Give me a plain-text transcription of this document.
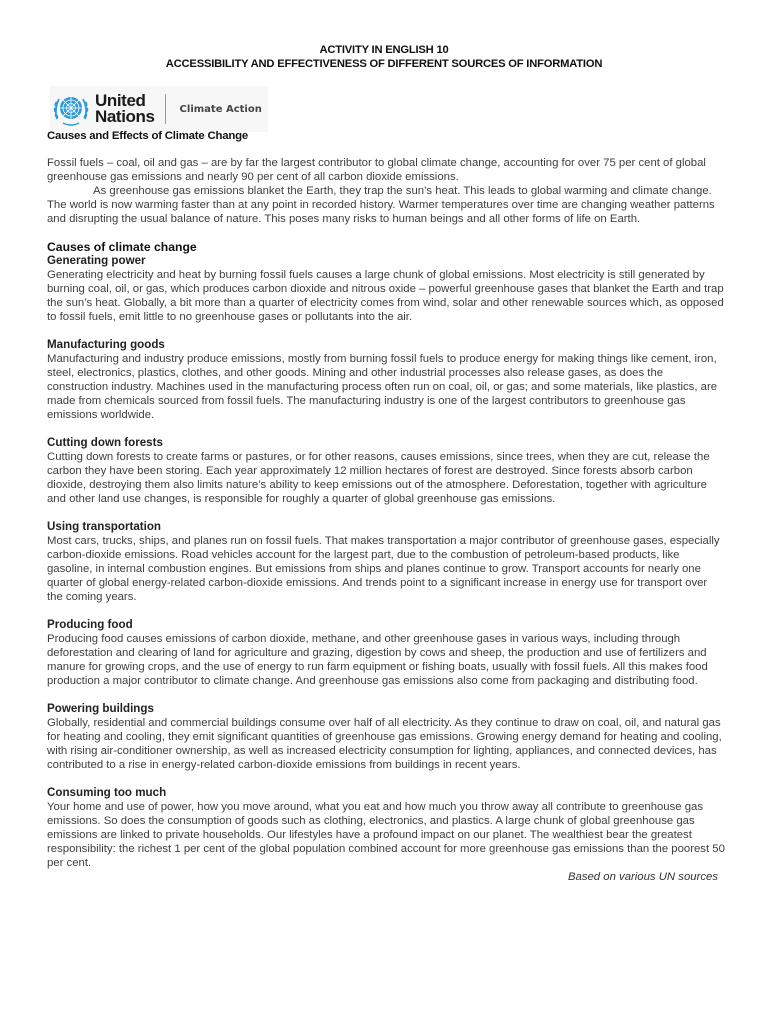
ACTIVITY IN ENGLISH 10
ACCESSIBILITY AND EFFECTIVENESS OF DIFFERENT SOURCES OF INFORMATION
United
Nations	Climate Action
Causes and Effects of Climate Change

Fossil fuels – coal, oil and gas – are by far the largest contributor to global climate change, accounting for over 75 per cent of global greenhouse gas emissions and nearly 90 per cent of all carbon dioxide emissions.

As greenhouse gas emissions blanket the Earth, they trap the sun’s heat. This leads to global warming and climate change. The world is now warming faster than at any point in recorded history. Warmer temperatures over time are changing weather patterns and disrupting the usual balance of nature. This poses many risks to human beings and all other forms of life on Earth.

Causes of climate change
Generating power

Generating electricity and heat by burning fossil fuels causes a large chunk of global emissions. Most electricity is still generated by burning coal, oil, or gas, which produces carbon dioxide and nitrous oxide – powerful greenhouse gases that blanket the Earth and trap the sun’s heat. Globally, a bit more than a quarter of electricity comes from wind, solar and other renewable sources which, as opposed to fossil fuels, emit little to no greenhouse gases or pollutants into the air.

Manufacturing goods

Manufacturing and industry produce emissions, mostly from burning fossil fuels to produce energy for making things like cement, iron, steel, electronics, plastics, clothes, and other goods. Mining and other industrial processes also release gases, as does the construction industry. Machines used in the manufacturing process often run on coal, oil, or gas; and some materials, like plastics, are made from chemicals sourced from fossil fuels. The manufacturing industry is one of the largest contributors to greenhouse gas emissions worldwide.

Cutting down forests

Cutting down forests to create farms or pastures, or for other reasons, causes emissions, since trees, when they are cut, release the carbon they have been storing. Each year approximately 12 million hectares of forest are destroyed. Since forests absorb carbon dioxide, destroying them also limits nature’s ability to keep emissions out of the atmosphere. Deforestation, together with agriculture and other land use changes, is responsible for roughly a quarter of global greenhouse gas emissions.

Using transportation

Most cars, trucks, ships, and planes run on fossil fuels. That makes transportation a major contributor of greenhouse gases, especially carbon-dioxide emissions. Road vehicles account for the largest part, due to the combustion of petroleum-based products, like gasoline, in internal combustion engines. But emissions from ships and planes continue to grow. Transport accounts for nearly one quarter of global energy-related carbon-dioxide emissions. And trends point to a significant increase in energy use for transport over the coming years.

Producing food

Producing food causes emissions of carbon dioxide, methane, and other greenhouse gases in various ways, including through deforestation and clearing of land for agriculture and grazing, digestion by cows and sheep, the production and use of fertilizers and manure for growing crops, and the use of energy to run farm equipment or fishing boats, usually with fossil fuels. All this makes food production a major contributor to climate change. And greenhouse gas emissions also come from packaging and distributing food.

Powering buildings

Globally, residential and commercial buildings consume over half of all electricity. As they continue to draw on coal, oil, and natural gas for heating and cooling, they emit significant quantities of greenhouse gas emissions. Growing energy demand for heating and cooling, with rising air-conditioner ownership, as well as increased electricity consumption for lighting, appliances, and connected devices, has contributed to a rise in energy-related carbon-dioxide emissions from buildings in recent years.

Consuming too much

Your home and use of power, how you move around, what you eat and how much you throw away all contribute to greenhouse gas emissions. So does the consumption of goods such as clothing, electronics, and plastics. A large chunk of global greenhouse gas emissions are linked to private households. Our lifestyles have a profound impact on our planet. The wealthiest bear the greatest responsibility: the richest 1 per cent of the global population combined account for more greenhouse gas emissions than the poorest 50 per cent.

Based on various UN sources
